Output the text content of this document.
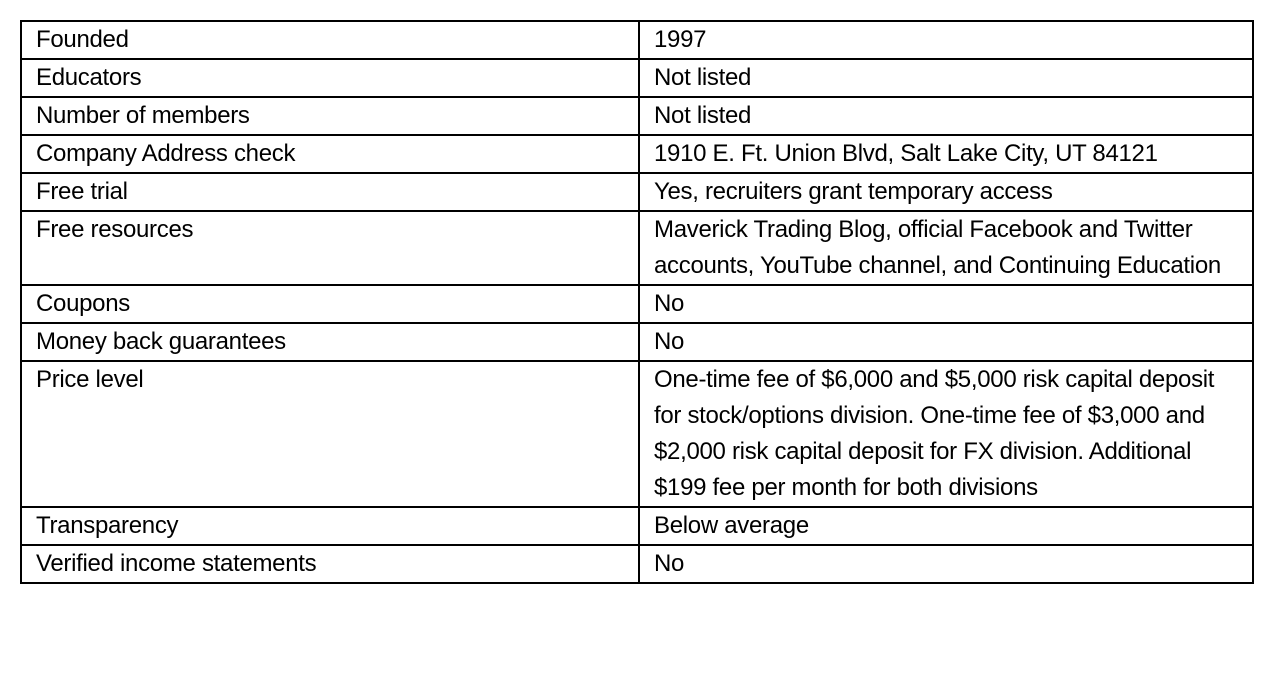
Founded	1997
Educators	Not listed
Number of members	Not listed
Company Address check	1910 E. Ft. Union Blvd, Salt Lake City, UT 84121
Free trial	Yes, recruiters grant temporary access
Free resources	Maverick Trading Blog, official Facebook and Twitter accounts, YouTube channel, and Continuing Education
Coupons	No
Money back guarantees	No
Price level	One-time fee of $6,000 and $5,000 risk capital deposit for stock/options division. One-time fee of $3,000 and $2,000 risk capital deposit for FX division. Additional $199 fee per month for both divisions
Transparency	Below average
Verified income statements	No
